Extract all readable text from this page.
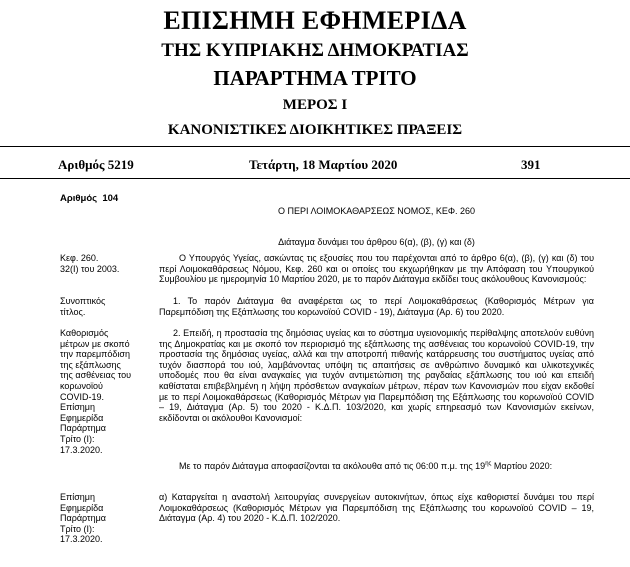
ΕΠΙΣΗΜΗ ΕΦΗΜΕΡΙΔΑ
ΤΗΣ ΚΥΠΡΙΑΚΗΣ ΔΗΜΟΚΡΑΤΙΑΣ
ΠΑΡΑΡΤΗΜΑ ΤΡΙΤΟ
ΜΕΡΟΣ Ι
ΚΑΝΟΝΙΣΤΙΚΕΣ ΔΙΟΙΚΗΤΙΚΕΣ ΠΡΑΞΕΙΣ
Αριθμός 5219	Τετάρτη, 18 Μαρτίου 2020	391
Αριθμός 104
Ο ΠΕΡΙ ΛΟΙΜΟΚΑΘΑΡΣΕΩΣ ΝΟΜΟΣ, ΚΕΦ. 260
Διάταγμα δυνάμει του άρθρου 6(α), (β), (γ) και (δ)
Κεφ. 260.
32(Ι) του 2003.
Ο Υπουργός Υγείας, ασκώντας τις εξουσίες που του παρέχονται από το άρθρο 6(α), (β), (γ) και (δ) του περί Λοιμοκαθάρσεως Νόμου, Κεφ. 260 και οι οποίες του εκχωρήθηκαν με την Απόφαση του Υπουργικού Συμβουλίου με ημερομηνία 10 Μαρτίου 2020, με το παρόν Διάταγμα εκδίδει τους ακόλουθους Κανονισμούς:
Συνοπτικός
τίτλος.
1. Το παρόν Διάταγμα θα αναφέρεται ως το περί Λοιμοκαθάρσεως (Καθορισμός Μέτρων για Παρεμπόδιση της Εξάπλωσης του κορωνοϊού COVID - 19), Διάταγμα (Αρ. 6) του 2020.
Καθορισμός
μέτρων με σκοπό
την παρεμπόδιση
της εξάπλωσης
της ασθένειας του
κορωνοϊού
COVID-19.
Επίσημη
Εφημερίδα
Παράρτημα
Τρίτο (Ι):
17.3.2020.
2. Επειδή, η προστασία της δημόσιας υγείας και το σύστημα υγειονομικής περίθαλψης αποτελούν ευθύνη της Δημοκρατίας και με σκοπό τον περιορισμό της εξάπλωσης της ασθένειας του κορωνοϊού COVID-19, την προστασία της δημόσιας υγείας, αλλά και την αποτροπή πιθανής κατάρρευσης του συστήματος υγείας από τυχόν διασπορά του ιού, λαμβάνοντας υπόψη τις απαιτήσεις σε ανθρώπινο δυναμικό και υλικοτεχνικές υποδομές που θα είναι αναγκαίες για τυχόν αντιμετώπιση της ραγδαίας εξάπλωσης του ιού και επειδή καθίσταται επιβεβλημένη η λήψη πρόσθετων αναγκαίων μέτρων, πέραν των Κανονισμών που είχαν εκδοθεί με το περί Λοιμοκαθάρσεως (Καθορισμός Μέτρων για Παρεμπόδιση της Εξάπλωσης του κορωνοϊού COVID – 19, Διάταγμα (Αρ. 5) του 2020 - Κ.Δ.Π. 103/2020, και χωρίς επηρεασμό των Κανονισμών εκείνων, εκδίδονται οι ακόλουθοι Κανονισμοί:
Με το παρόν Διάταγμα αποφασίζονται τα ακόλουθα από τις 06:00 π.μ. της $19^{\eta\varsigma}$ Μαρτίου 2020:
Επίσημη
Εφημερίδα
Παράρτημα
Τρίτο (Ι):
17.3.2020.
α) Καταργείται η αναστολή λειτουργίας συνεργείων αυτοκινήτων, όπως είχε καθοριστεί δυνάμει του περί Λοιμοκαθάρσεως (Καθορισμός Μέτρων για Παρεμπόδιση της Εξάπλωσης του κορωνοϊού COVID – 19, Διάταγμα (Αρ. 4) του 2020 - Κ.Δ.Π. 102/2020.
